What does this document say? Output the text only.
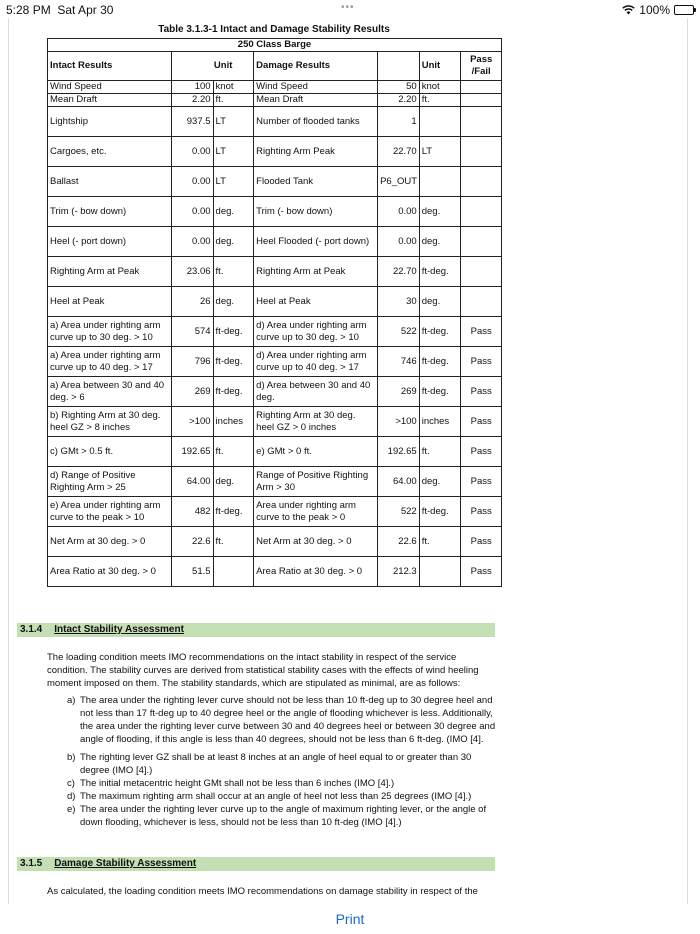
5:28 PM Sat Apr 30	•••	100%
Table 3.1.3-1 Intact and Damage Stability Results
250 Class Barge						
Intact Results	Unit		Damage Results		Unit	Pass /Fail
Wind Speed	100	knot	Wind Speed	50	knot	
Mean Draft	2.20	ft.	Mean Draft	2.20	ft.	
Lightship	937.5	LT	Number of flooded tanks	1		
Cargoes, etc.	0.00	LT	Righting Arm Peak	22.70	LT	
Ballast	0.00	LT	Flooded Tank	P6_OUT		
Trim (- bow down)	0.00	deg.	Trim (- bow down)	0.00	deg.	
Heel (- port down)	0.00	deg.	Heel Flooded (- port down)	0.00	deg.	
Righting Arm at Peak	23.06	ft.	Righting Arm at Peak	22.70	ft-deg.	
Heel at Peak	26	deg.	Heel at Peak	30	deg.	
a) Area under righting arm curve up to 30 deg. > 10	574	ft-deg.	d) Area under righting arm curve up to 30 deg. > 10	522	ft-deg.	Pass
a) Area under righting arm curve up to 40 deg. > 17	796	ft-deg.	d) Area under righting arm curve up to 40 deg. > 17	746	ft-deg.	Pass
a) Area between 30 and 40 deg. > 6	269	ft-deg.	d) Area between 30 and 40 deg.	269	ft-deg.	Pass
b) Righting Arm at 30 deg. heel GZ > 8 inches	>100	inches	Righting Arm at 30 deg. heel GZ > 0 inches	>100	inches	Pass
c) GMt > 0.5 ft.	192.65	ft.	e) GMt > 0 ft.	192.65	ft.	Pass
d) Range of Positive Righting Arm > 25	64.00	deg.	Range of Positive Righting Arm > 30	64.00	deg.	Pass
e) Area under righting arm curve to the peak > 10	482	ft-deg.	Area under righting arm curve to the peak > 0	522	ft-deg.	Pass
Net Arm at 30 deg. > 0	22.6	ft.	Net Arm at 30 deg. > 0	22.6	ft.	Pass
Area Ratio at 30 deg. > 0	51.5		Area Ratio at 30 deg. > 0	212.3		Pass
3.1.4 Intact Stability Assessment
The loading condition meets IMO recommendations on the intact stability in respect of the service condition. The stability curves are derived from statistical stability cases with the effects of wind heeling moment imposed on them. The stability standards, which are stipulated as minimal, are as follows:
a) The area under the righting lever curve should not be less than 10 ft-deg up to 30 degree heel and not less than 17 ft-deg up to 40 degree heel or the angle of flooding whichever is less. Additionally, the area under the righting lever curve between 30 and 40 degrees heel or between 30 degree and angle of flooding, if this angle is less than 40 degrees, should not be less than 6 ft-deg. (IMO [4].
b) The righting lever GZ shall be at least 8 inches at an angle of heel equal to or greater than 30 degree (IMO [4].)
c) The initial metacentric height GMt shall not be less than 6 inches (IMO [4].)
d) The maximum righting arm shall occur at an angle of heel not less than 25 degrees (IMO [4].)
e) The area under the righting lever curve up to the angle of maximum righting lever, or the angle of down flooding, whichever is less, should not be less than 10 ft-deg (IMO [4].)
3.1.5 Damage Stability Assessment
As calculated, the loading condition meets IMO recommendations on damage stability in respect of the
Print
